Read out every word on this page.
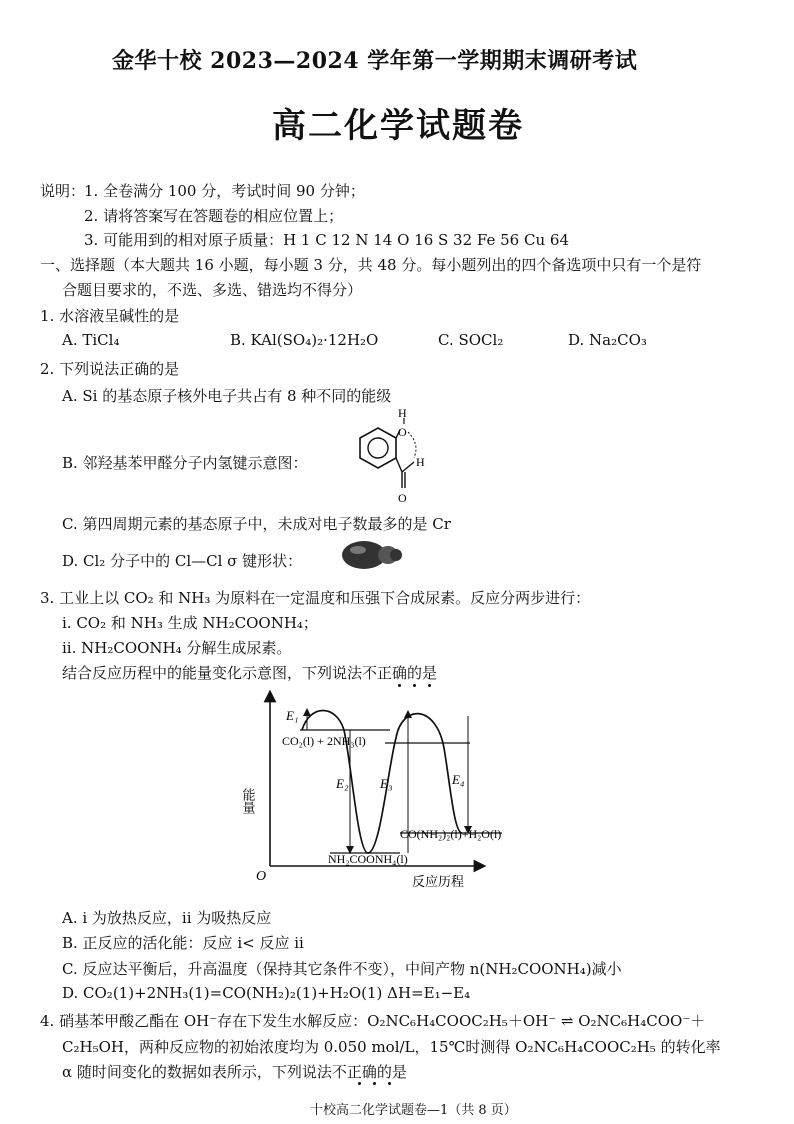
金华十校 2023—2024 学年第一学期期末调研考试
高二化学试题卷
说明：
1. 全卷满分 100 分，考试时间 90 分钟；
2. 请将答案写在答题卷的相应位置上；
3. 可能用到的相对原子质量：H 1 C 12 N 14 O 16 S 32 Fe 56 Cu 64
一、选择题（本大题共 16 小题，每小题 3 分，共 48 分。每小题列出的四个备选项中只有一个是符
合题目要求的，不选、多选、错选均不得分）
1. 水溶液呈碱性的是
A. TiCl₄	B. KAl(SO₄)₂·12H₂O	C. SOCl₂	D. Na₂CO₃
2. 下列说法正确的是
A. Si 的基态原子核外电子共占有 8 种不同的能级
B. 邻羟基苯甲醛分子内氢键示意图：
H
O
H
O
C. 第四周期元素的基态原子中，未成对电子数最多的是 Cr
D. Cl₂ 分子中的 Cl—Cl σ 键形状：
3. 工业上以 CO₂ 和 NH₃ 为原料在一定温度和压强下合成尿素。反应分两步进行：
i. CO₂ 和 NH₃ 生成 NH₂COONH₄；
ii. NH₂COONH₄ 分解生成尿素。
结合反应历程中的能量变化示意图，下列说法不正确的是
O
能量
反应历程
E₁
E₂ E₃	E₄
CO₂(l) + 2NH₃(l)
NH₂COONH₄(l)
CO(NH₂)₂(l)+H₂O(l)
A. i 为放热反应，ii 为吸热反应
B. 正反应的活化能：反应 i< 反应 ii
C. 反应达平衡后，升高温度（保持其它条件不变），中间产物 n(NH₂COONH₄)减小
D. CO₂(1)+2NH₃(1)=CO(NH₂)₂(1)+H₂O(1) ΔH=E₁−E₄
4. 硝基苯甲酸乙酯在 OH⁻存在下发生水解反应：O₂NC₆H₄COOC₂H₅＋OH⁻ ⇌ O₂NC₆H₄COO⁻＋
C₂H₅OH，两种反应物的初始浓度均为 0.050 mol/L，15℃时测得 O₂NC₆H₄COOC₂H₅ 的转化率
α 随时间变化的数据如表所示，下列说法不正确的是
十校高二化学试题卷—1（共 8 页）
